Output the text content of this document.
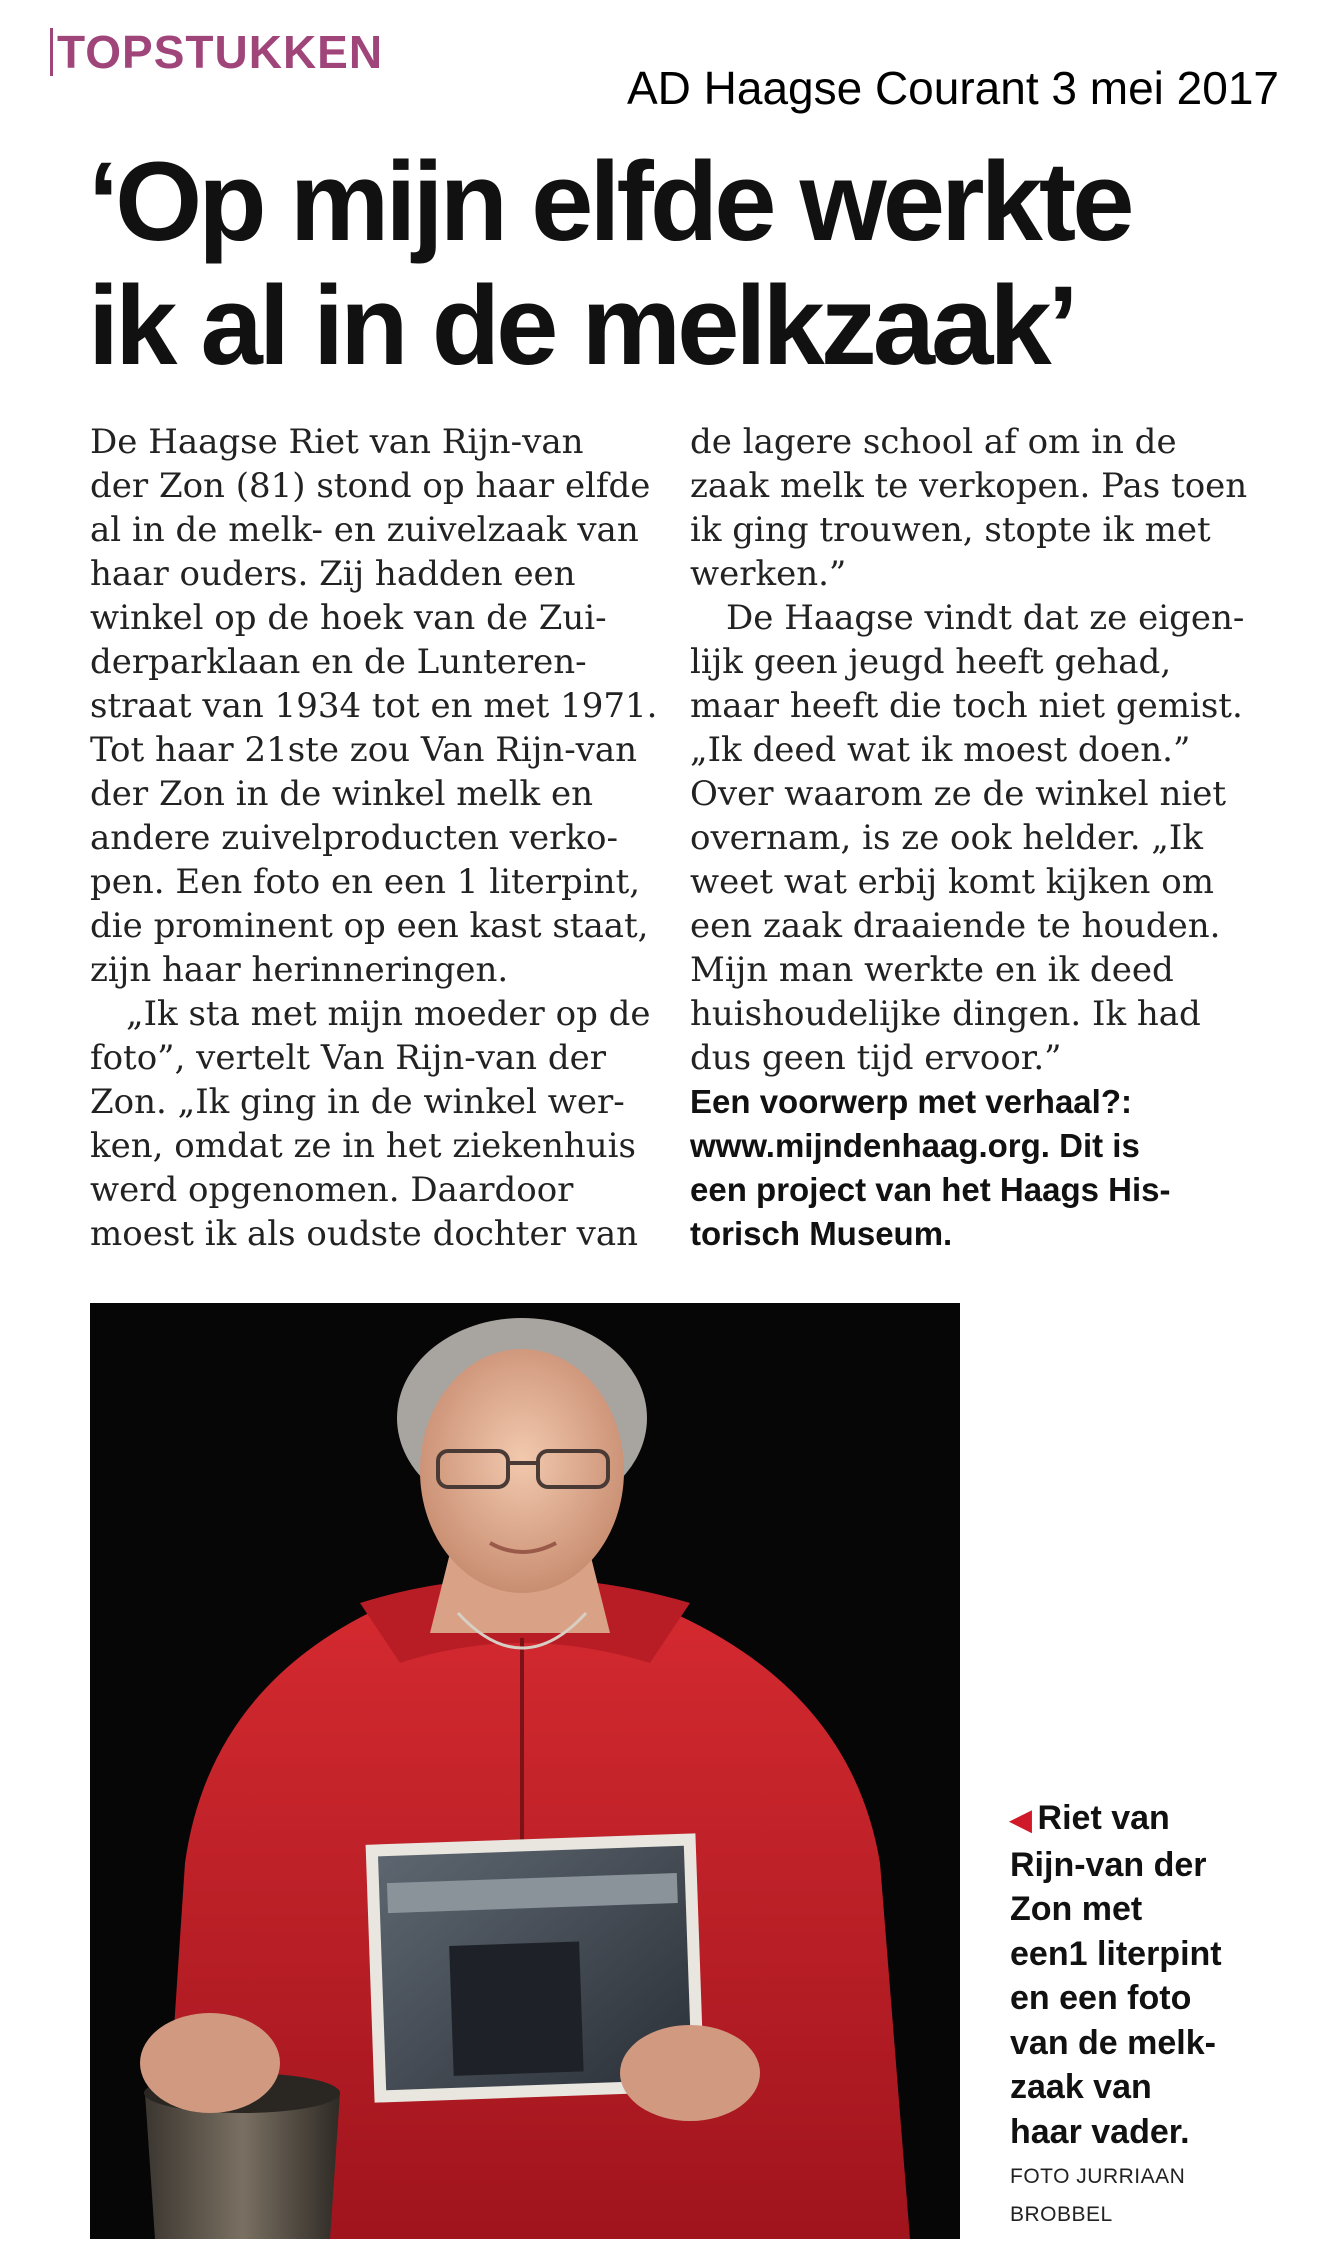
TOPSTUKKEN
AD Haagse Courant 3 mei 2017
‘Op mijn elfde werkte
ik al in de melkzaak’
De Haagse Riet van Rijn-van
der Zon (81) stond op haar elfde
al in de melk- en zuivelzaak van
haar ouders. Zij hadden een
winkel op de hoek van de Zui-
derparklaan en de Lunteren-
straat van 1934 tot en met 1971.
Tot haar 21ste zou Van Rijn-van
der Zon in de winkel melk en
andere zuivelproducten verko-
pen. Een foto en een 1 literpint,
die prominent op een kast staat,
zijn haar herinneringen.
„Ik sta met mijn moeder op de
foto”, vertelt Van Rijn-van der
Zon. „Ik ging in de winkel wer-
ken, omdat ze in het ziekenhuis
werd opgenomen. Daardoor
moest ik als oudste dochter van
de lagere school af om in de
zaak melk te verkopen. Pas toen
ik ging trouwen, stopte ik met
werken.”
De Haagse vindt dat ze eigen-
lijk geen jeugd heeft gehad,
maar heeft die toch niet gemist.
„Ik deed wat ik moest doen.”
Over waarom ze de winkel niet
overnam, is ze ook helder. „Ik
weet wat erbij komt kijken om
een zaak draaiende te houden.
Mijn man werkte en ik deed
huishoudelijke dingen. Ik had
dus geen tijd ervoor.”
Een voorwerp met verhaal?:
www.mijndenhaag.org. Dit is
een project van het Haags His-
torisch Museum.
◀ Riet van
Rijn-van der
Zon met
een1 literpint
en een foto
van de melk-
zaak van
haar vader.
FOTO JURRIAAN
BROBBEL
